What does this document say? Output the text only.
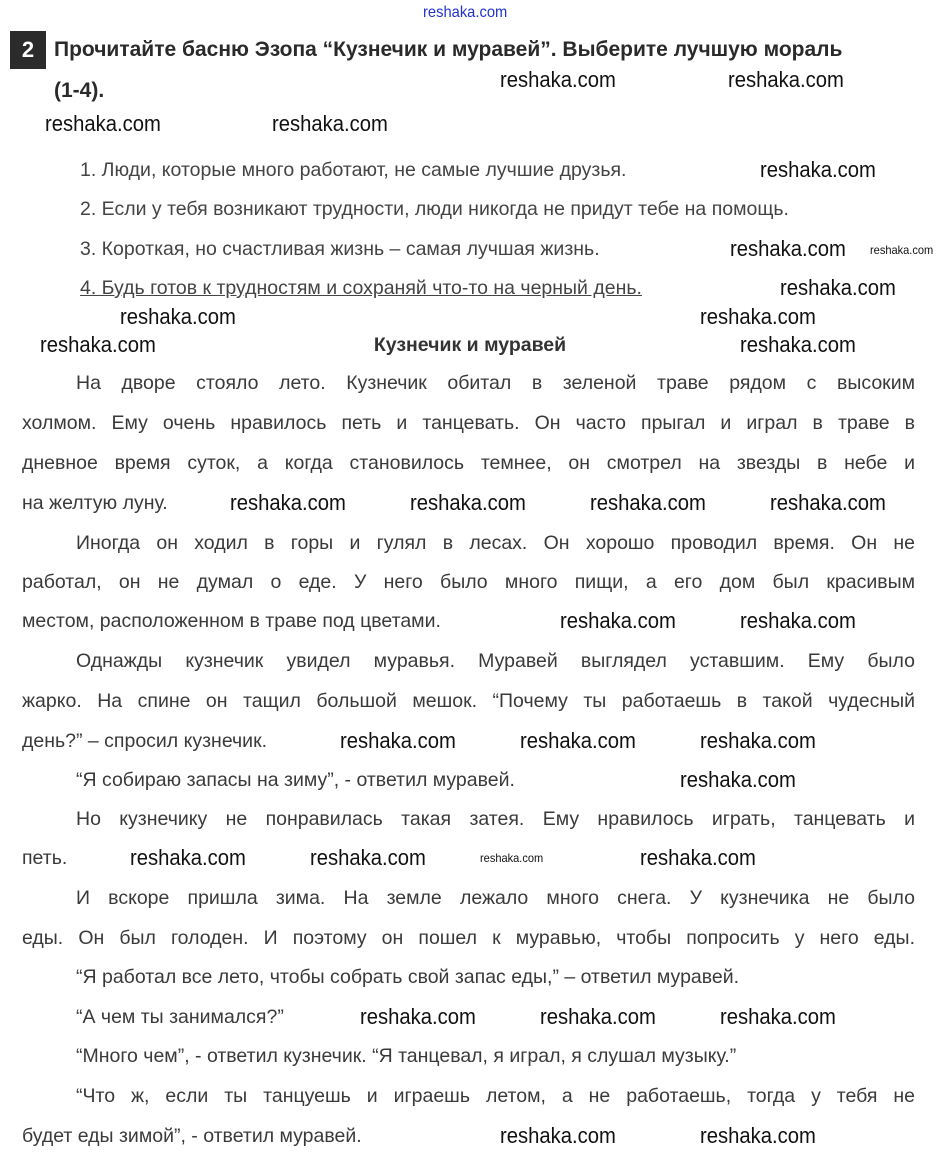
2 Прочитайте басню Эзопа “Кузнечик и муравей”. Выберите лучшую мораль
(1-4).
1. Люди, которые много работают, не самые лучшие друзья.
2. Если у тебя возникают трудности, люди никогда не придут тебе на помощь.
3. Короткая, но счастливая жизнь – самая лучшая жизнь.
4. Будь готов к трудностям и сохраняй что-то на черный день.
Кузнечик и муравей
На дворе стояло лето. Кузнечик обитал в зеленой траве рядом с высоким
холмом. Ему очень нравилось петь и танцевать. Он часто прыгал и играл в траве в
дневное время суток, а когда становилось темнее, он смотрел на звезды в небе и
на желтую луну.
Иногда он ходил в горы и гулял в лесах. Он хорошо проводил время. Он не
работал, он не думал о еде. У него было много пищи, а его дом был красивым
местом, расположенном в траве под цветами.
Однажды кузнечик увидел муравья. Муравей выглядел уставшим. Ему было
жарко. На спине он тащил большой мешок. “Почему ты работаешь в такой чудесный
день?” – спросил кузнечик.
“Я собираю запасы на зиму”, - ответил муравей.
Но кузнечику не понравилась такая затея. Ему нравилось играть, танцевать и
петь.
И вскоре пришла зима. На земле лежало много снега. У кузнечика не было
еды. Он был голоден. И поэтому он пошел к муравью, чтобы попросить у него еды.
“Я работал все лето, чтобы собрать свой запас еды,” – ответил муравей.
“А чем ты занимался?”
“Много чем”, - ответил кузнечик. “Я танцевал, я играл, я слушал музыку.”
“Что ж, если ты танцуешь и играешь летом, а не работаешь, тогда у тебя не
будет еды зимой”, - ответил муравей.
reshaka.com
reshaka.com	reshaka.com
reshaka.com	reshaka.com
reshaka.com
reshaka.com reshaka.com
reshaka.com
reshaka.com	reshaka.com
reshaka.com	reshaka.com
reshaka.com	reshaka.com	reshaka.com	reshaka.com
reshaka.com	reshaka.com
reshaka.com	reshaka.com	reshaka.com
reshaka.com
reshaka.com	reshaka.com	reshaka.com	reshaka.com
reshaka.com	reshaka.com	reshaka.com
reshaka.com	reshaka.com
